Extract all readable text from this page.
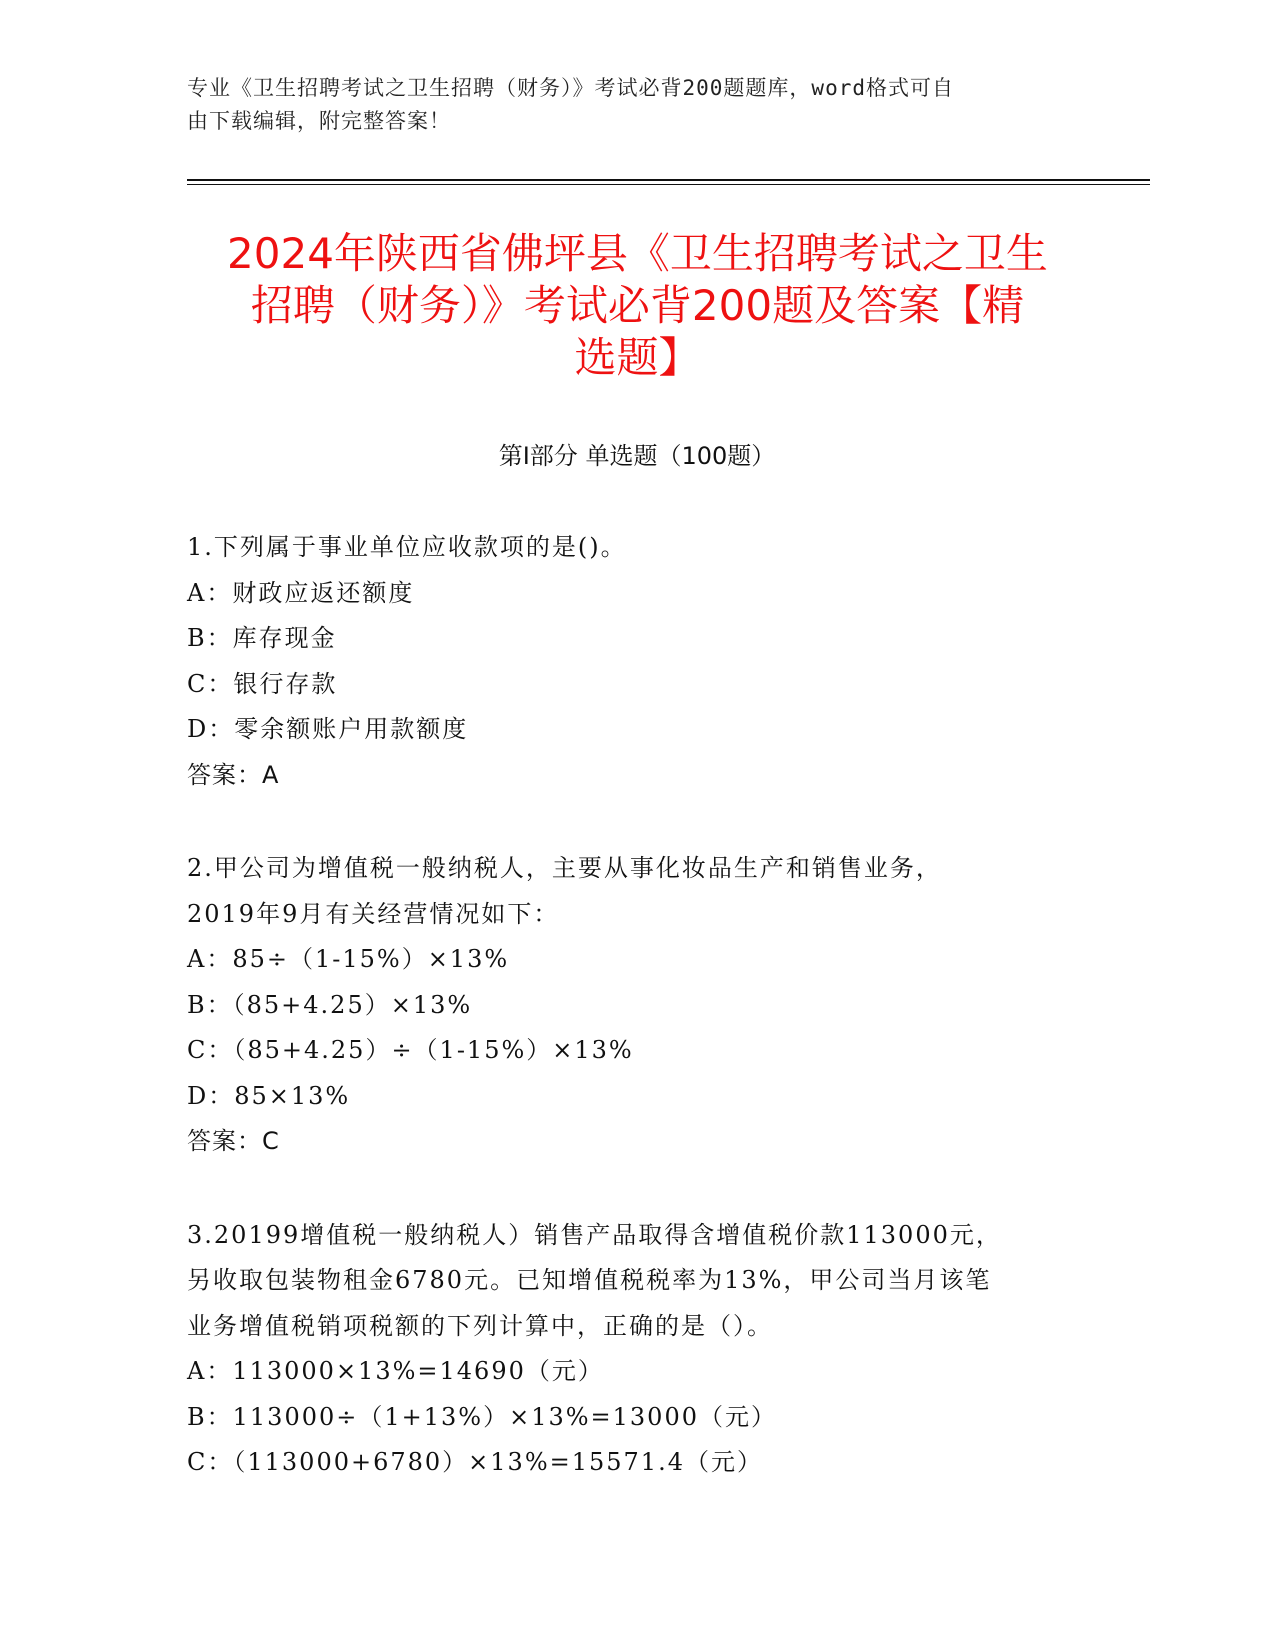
专业《卫生招聘考试之卫生招聘（财务）》考试必背200题题库，word格式可自
由下载编辑，附完整答案！
2024年陕西省佛坪县《卫生招聘考试之卫生
招聘（财务）》考试必背200题及答案【精
选题】
第Ⅰ部分 单选题（100题）
1.下列属于事业单位应收款项的是()。
A：财政应返还额度
B：库存现金
C：银行存款
D：零余额账户用款额度
答案：A
2.甲公司为增值税一般纳税人，主要从事化妆品生产和销售业务，
2019年9月有关经营情况如下：
A：85÷（1-15%）×13%
B：（85+4.25）×13%
C：（85+4.25）÷（1-15%）×13%
D：85×13%
答案：C
3.20199增值税一般纳税人）销售产品取得含增值税价款113000元，
另收取包装物租金6780元。已知增值税税率为13%，甲公司当月该笔
业务增值税销项税额的下列计算中，正确的是（）。
A：113000×13%=14690（元）
B：113000÷（1+13%）×13%=13000（元）
C：（113000+6780）×13%=15571.4（元）
